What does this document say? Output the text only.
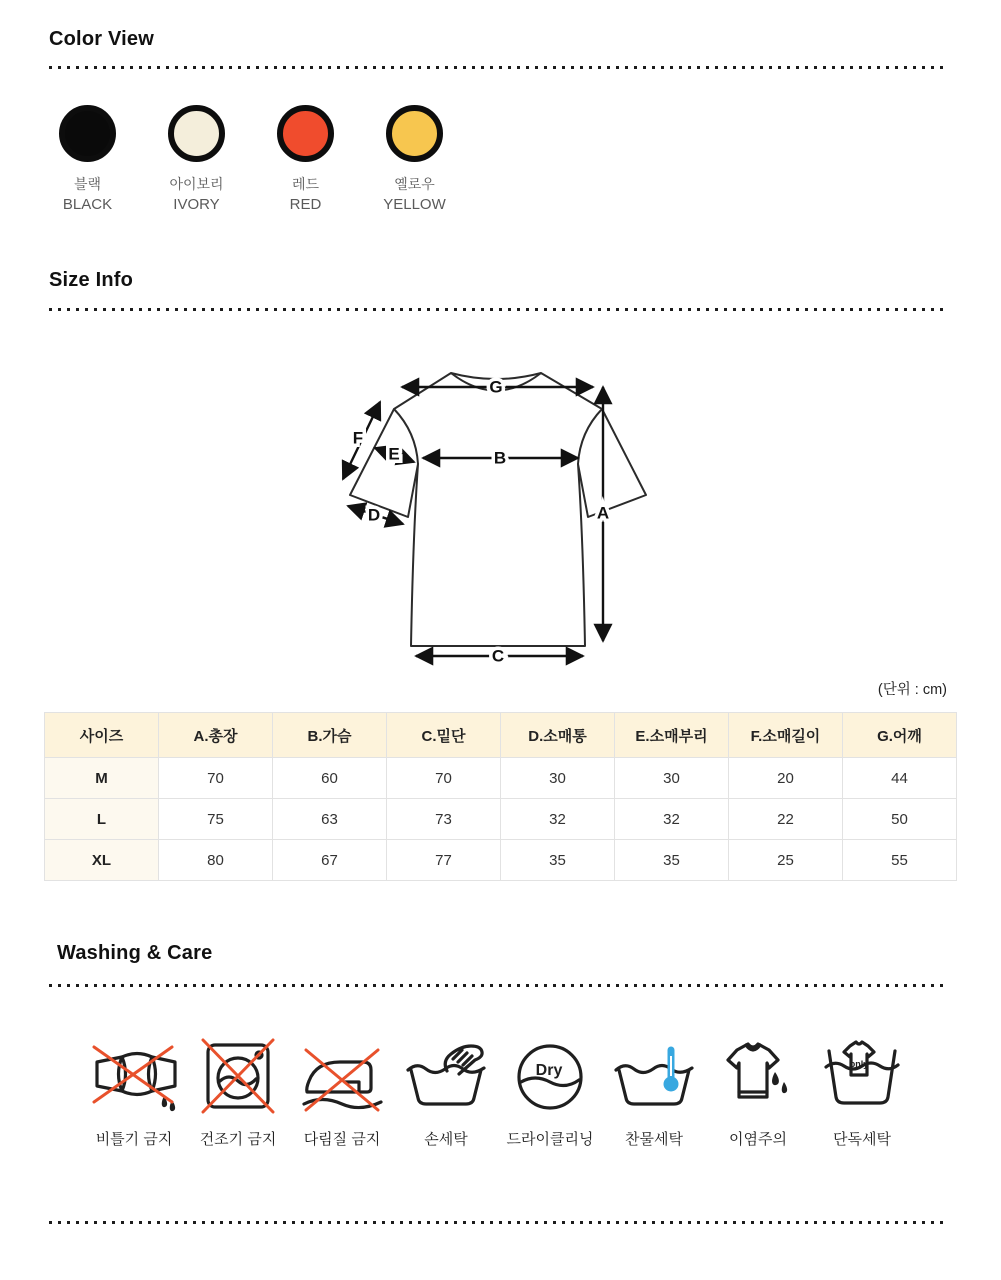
Color View
블랙
BLACK
아이보리
IVORY
레드
RED
옐로우
YELLOW
Size Info
G
A
B
C
D
E
F
(단위 : cm)
사이즈	A.총장	B.가슴	C.밑단	D.소매통	E.소매부리	F.소매길이	G.어깨
M	70	60	70	30	30	20	44
L	75	63	73	32	32	22	50
XL	80	67	77	35	35	25	55
Washing & Care
비틀기 금지 건조기 금지 다림질 금지	손세탁
Dry
드라이클리닝 찬물세탁	이염주의
only
단독세탁
